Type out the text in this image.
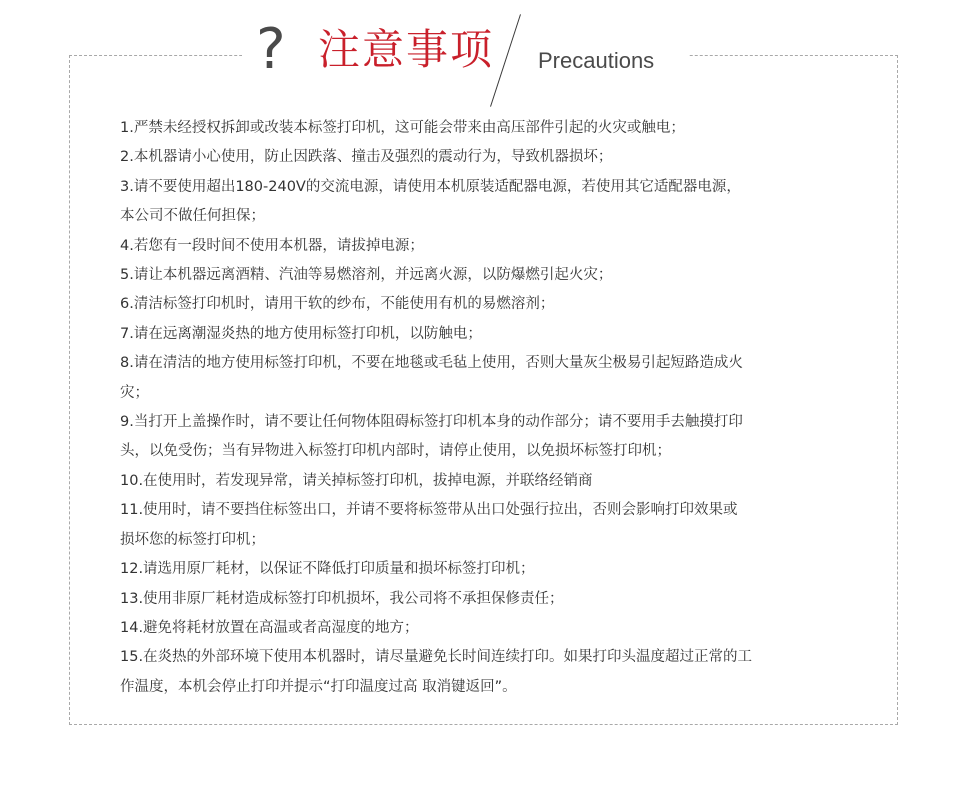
? 注意事项 Precautions
1.严禁未经授权拆卸或改装本标签打印机，这可能会带来由高压部件引起的火灾或触电；
2.本机器请小心使用，防止因跌落、撞击及强烈的震动行为，导致机器损坏；
3.请不要使用超出180-240V的交流电源，请使用本机原装适配器电源，若使用其它适配器电源，
本公司不做任何担保；
4.若您有一段时间不使用本机器，请拔掉电源；
5.请让本机器远离酒精、汽油等易燃溶剂，并远离火源，以防爆燃引起火灾；
6.清洁标签打印机时，请用干软的纱布，不能使用有机的易燃溶剂；
7.请在远离潮湿炎热的地方使用标签打印机，以防触电；
8.请在清洁的地方使用标签打印机，不要在地毯或毛毡上使用，否则大量灰尘极易引起短路造成火
灾；
9.当打开上盖操作时，请不要让任何物体阻碍标签打印机本身的动作部分；请不要用手去触摸打印
头，以免受伤；当有异物进入标签打印机内部时，请停止使用，以免损坏标签打印机；
10.在使用时，若发现异常，请关掉标签打印机，拔掉电源，并联络经销商
11.使用时，请不要挡住标签出口，并请不要将标签带从出口处强行拉出，否则会影响打印效果或
损坏您的标签打印机；
12.请选用原厂耗材，以保证不降低打印质量和损坏标签打印机；
13.使用非原厂耗材造成标签打印机损坏，我公司将不承担保修责任；
14.避免将耗材放置在高温或者高湿度的地方；
15.在炎热的外部环境下使用本机器时，请尽量避免长时间连续打印。如果打印头温度超过正常的工
作温度，本机会停止打印并提示“打印温度过高 取消键返回”。
